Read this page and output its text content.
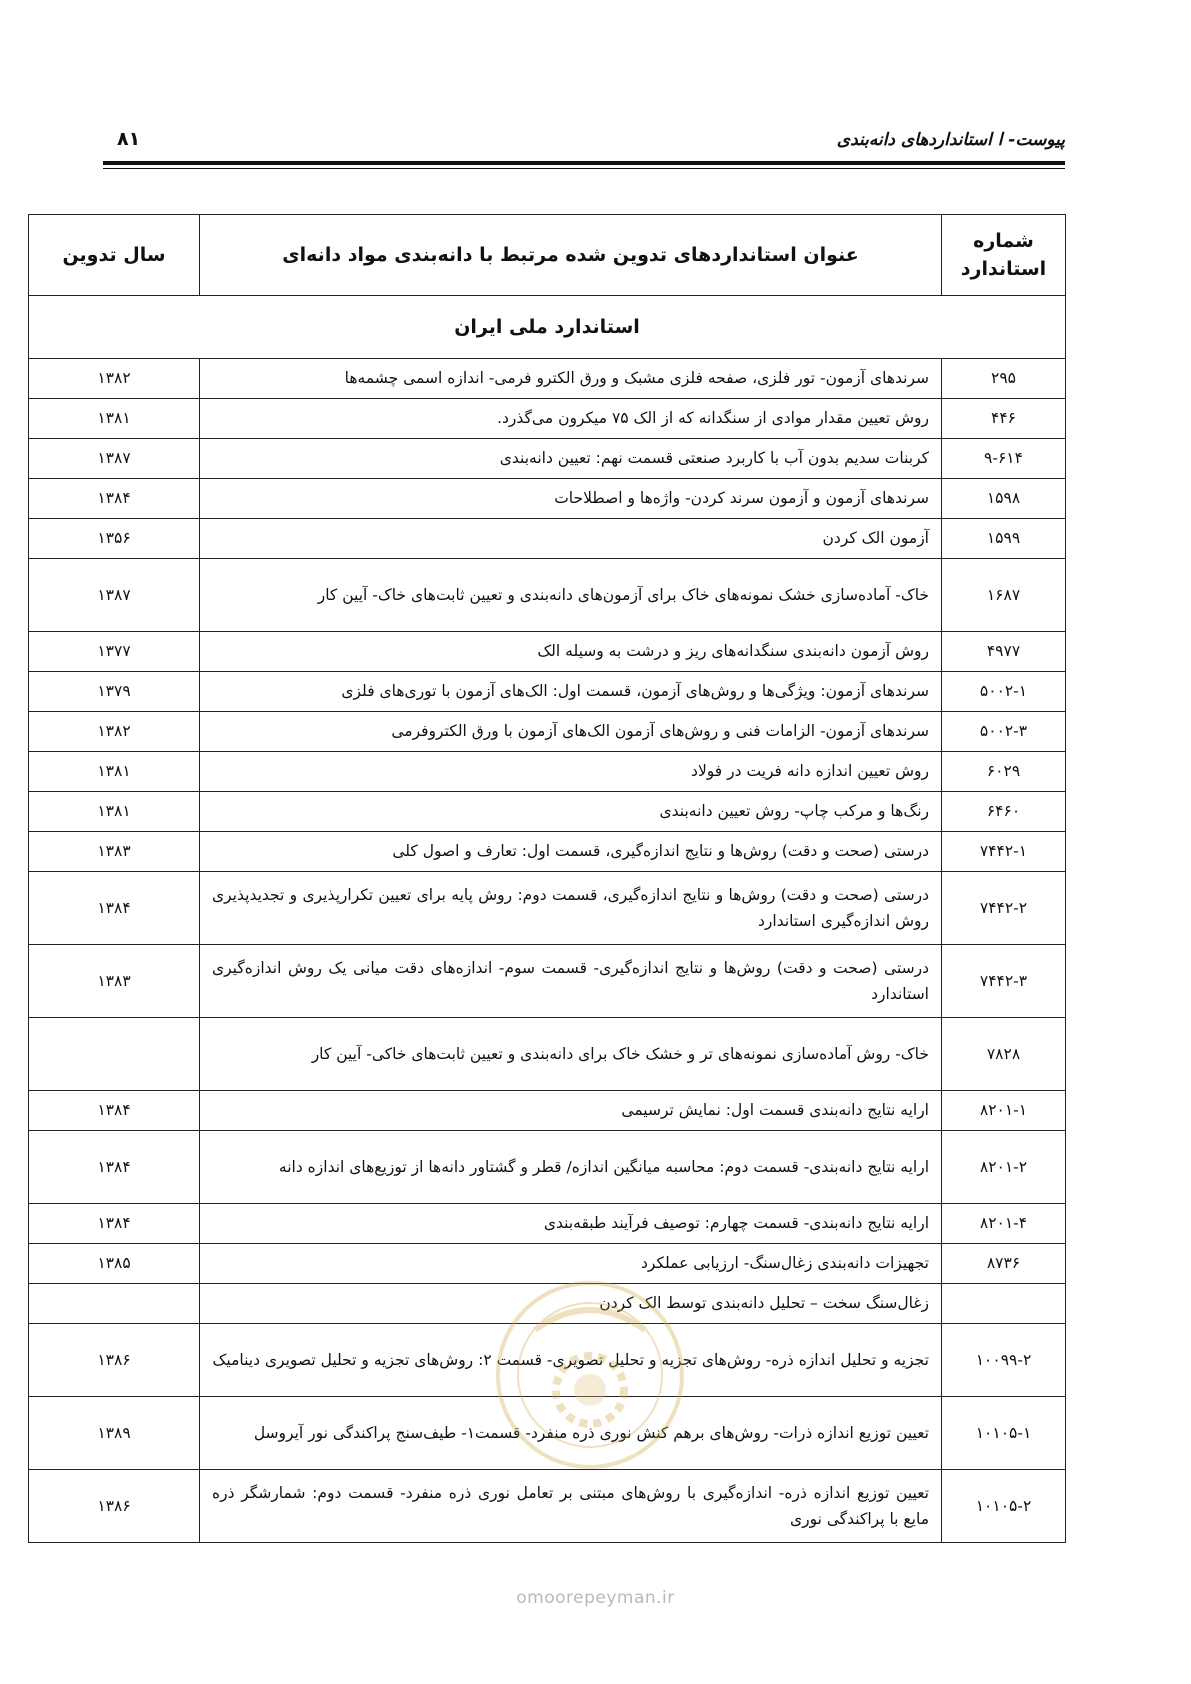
پیوست- ا استانداردهای دانه‌بندی
۸۱
شماره استاندارد	عنوان استانداردهای تدوین شده مرتبط با دانه‌بندی مواد دانه‌ای	سال تدوین
استاندارد ملی ایران		
۲۹۵	سرندهای آزمون- تور فلزی، صفحه فلزی مشبک و ورق الکترو فرمی- اندازه اسمی چشمه‌ها	۱۳۸۲
۴۴۶	روش تعیین مقدار موادی از سنگدانه که از الک ۷۵ میکرون می‌گذرد.	۱۳۸۱
۹-۶۱۴	کربنات سدیم بدون آب با کاربرد صنعتی قسمت نهم: تعیین دانه‌بندی	۱۳۸۷
۱۵۹۸	سرندهای آزمون و آزمون سرند کردن- واژه‌ها و اصطلاحات	۱۳۸۴
۱۵۹۹	آزمون الک کردن	۱۳۵۶
۱۶۸۷	خاک- آماده‌سازی خشک نمونه‌های خاک برای آزمون‌های دانه‌بندی و تعیین ثابت‌های خاک- آیین کار	۱۳۸۷
۴۹۷۷	روش آزمون دانه‌بندی سنگدانه‌های ریز و درشت به وسیله الک	۱۳۷۷
۵۰۰۲-۱	سرندهای آزمون: ویژگی‌ها و روش‌های آزمون، قسمت اول: الک‌های آزمون با توری‌های فلزی	۱۳۷۹
۵۰۰۲-۳	سرندهای آزمون- الزامات فنی و روش‌های آزمون الک‌های آزمون با ورق الکتروفرمی	۱۳۸۲
۶۰۲۹	روش تعیین اندازه دانه فریت در فولاد	۱۳۸۱
۶۴۶۰	رنگ‌ها و مرکب چاپ- روش تعیین دانه‌بندی	۱۳۸۱
۷۴۴۲-۱	درستی (صحت و دقت) روش‌ها و نتایج اندازه‌گیری، قسمت اول: تعارف و اصول کلی	۱۳۸۳
۷۴۴۲-۲	درستی (صحت و دقت) روش‌ها و نتایج اندازه‌گیری، قسمت دوم: روش پایه برای تعیین تکرارپذیری و تجدیدپذیری روش اندازه‌گیری استاندارد	۱۳۸۴
۷۴۴۲-۳	درستی (صحت و دقت) روش‌ها و نتایج اندازه‌گیری- قسمت سوم- اندازه‌های دقت میانی یک روش اندازه‌گیری استاندارد	۱۳۸۳
۷۸۲۸	خاک- روش آماده‌سازی نمونه‌های تر و خشک خاک برای دانه‌بندی و تعیین ثابت‌های خاکی- آیین کار	
۸۲۰۱-۱	ارایه نتایج دانه‌بندی قسمت اول: نمایش ترسیمی	۱۳۸۴
۸۲۰۱-۲	ارایه نتایج دانه‌بندی- قسمت دوم: محاسبه میانگین اندازه/ قطر و گشتاور دانه‌ها از توزیع‌های اندازه دانه	۱۳۸۴
۸۲۰۱-۴	ارایه نتایج دانه‌بندی- قسمت چهارم: توصیف فرآیند طبقه‌بندی	۱۳۸۴
۸۷۳۶	تجهیزات دانه‌بندی زغال‌سنگ- ارزیابی عملکرد	۱۳۸۵
	زغال‌سنگ سخت – تحلیل دانه‌بندی توسط الک کردن	
۱۰۰۹۹-۲	تجزیه و تحلیل اندازه ذره- روش‌های تجزیه و تحلیل تصویری- قسمت ۲: روش‌های تجزیه و تحلیل تصویری دینامیک	۱۳۸۶
۱۰۱۰۵-۱	تعیین توزیع اندازه ذرات- روش‌های برهم کنش نوری ذره منفرد- قسمت۱- طیف‌سنج پراکندگی نور آیروسل	۱۳۸۹
۱۰۱۰۵-۲	تعیین توزیع اندازه ذره- اندازه‌گیری با روش‌های مبتنی بر تعامل نوری ذره منفرد- قسمت دوم: شمارشگر ذره مایع با پراکندگی نوری	۱۳۸۶
omoorepeyman.ir
